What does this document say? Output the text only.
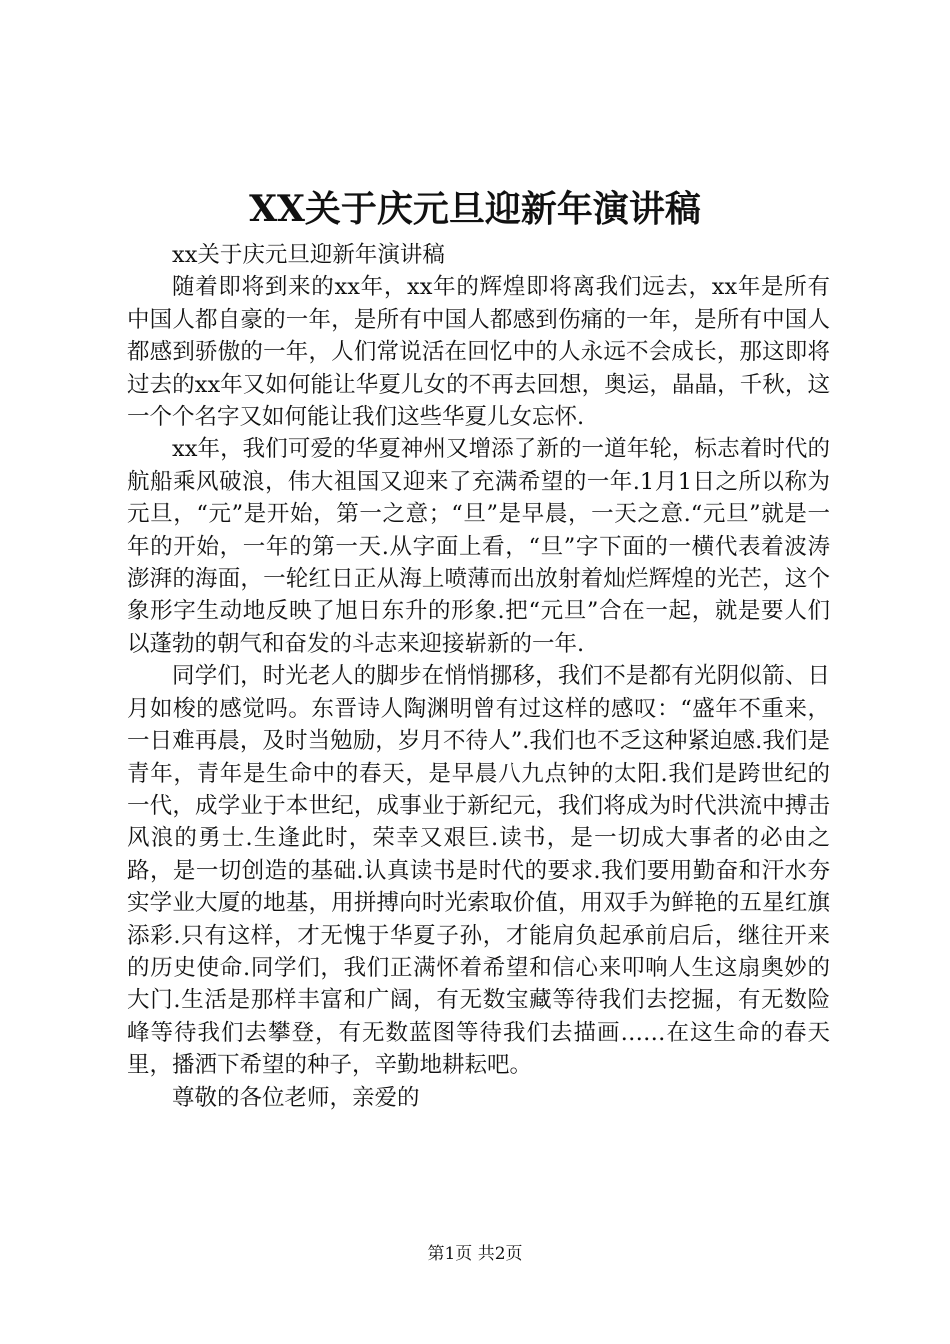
XX关于庆元旦迎新年演讲稿

xx关于庆元旦迎新年演讲稿

随着即将到来的xx年，xx年的辉煌即将离我们远去，xx年是所有中国人都自豪的一年，是所有中国人都感到伤痛的一年，是所有中国人都感到骄傲的一年，人们常说活在回忆中的人永远不会成长，那这即将过去的xx年又如何能让华夏儿女的不再去回想，奥运，晶晶，千秋，这一个个名字又如何能让我们这些华夏儿女忘怀.

xx年，我们可爱的华夏神州又增添了新的一道年轮，标志着时代的航船乘风破浪，伟大祖国又迎来了充满希望的一年.1月1日之所以称为元旦，“元”是开始，第一之意；“旦”是早晨，一天之意.“元旦”就是一年的开始，一年的第一天.从字面上看，“旦”字下面的一横代表着波涛澎湃的海面，一轮红日正从海上喷薄而出放射着灿烂辉煌的光芒，这个象形字生动地反映了旭日东升的形象.把“元旦”合在一起，就是要人们以蓬勃的朝气和奋发的斗志来迎接崭新的一年.

同学们，时光老人的脚步在悄悄挪移，我们不是都有光阴似箭、日月如梭的感觉吗。东晋诗人陶渊明曾有过这样的感叹：“盛年不重来，一日难再晨，及时当勉励，岁月不待人”.我们也不乏这种紧迫感.我们是青年，青年是生命中的春天，是早晨八九点钟的太阳.我们是跨世纪的一代，成学业于本世纪，成事业于新纪元，我们将成为时代洪流中搏击风浪的勇士.生逢此时，荣幸又艰巨.读书，是一切成大事者的必由之路，是一切创造的基础.认真读书是时代的要求.我们要用勤奋和汗水夯实学业大厦的地基，用拼搏向时光索取价值，用双手为鲜艳的五星红旗添彩.只有这样，才无愧于华夏子孙，才能肩负起承前启后，继往开来的历史使命.同学们，我们正满怀着希望和信心来叩响人生这扇奥妙的大门.生活是那样丰富和广阔，有无数宝藏等待我们去挖掘，有无数险峰等待我们去攀登，有无数蓝图等待我们去描画……在这生命的春天里，播洒下希望的种子，辛勤地耕耘吧。

尊敬的各位老师，亲爱的

第1页 共2页
